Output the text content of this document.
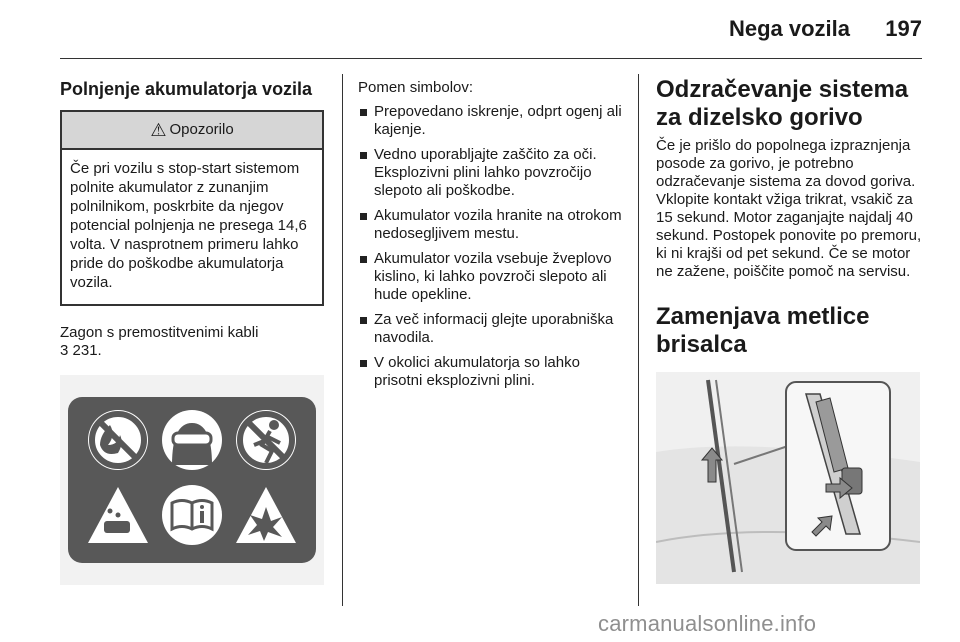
Nega vozila	197
Polnjenje akumulatorja vozila
⚠ Opozorilo
Če pri vozilu s stop-start sistemom polnite akumulator z zunanjim polnilnikom, poskrbite da njegov potencial polnjenja ne presega 14,6 volta. V nasprotnem primeru lahko pride do poškodbe akumulatorja vozila.
Zagon s premostitvenimi kabli
3 231.
Pomen simbolov:
Prepovedano iskrenje, odprt ogenj ali kajenje.
Vedno uporabljajte zaščito za oči. Eksplozivni plini lahko povzročijo slepoto ali poškodbe.
Akumulator vozila hranite na otrokom nedosegljivem mestu.
Akumulator vozila vsebuje žveplovo kislino, ki lahko povzroči slepoto ali hude opekline.
Za več informacij glejte uporabniška navodila.
V okolici akumulatorja so lahko prisotni eksplozivni plini.
Odzračevanje sistema za dizelsko gorivo
Če je prišlo do popolnega izpraznjenja posode za gorivo, je potrebno odzračevanje sistema za dovod goriva. Vklopite kontakt vžiga trikrat, vsakič za 15 sekund. Motor zaganjajte najdalj 40 sekund. Postopek ponovite po premoru, ki ni krajši od pet sekund. Če se motor ne zažene, poiščite pomoč na servisu.
Zamenjava metlice brisalca
carmanualsonline.info
